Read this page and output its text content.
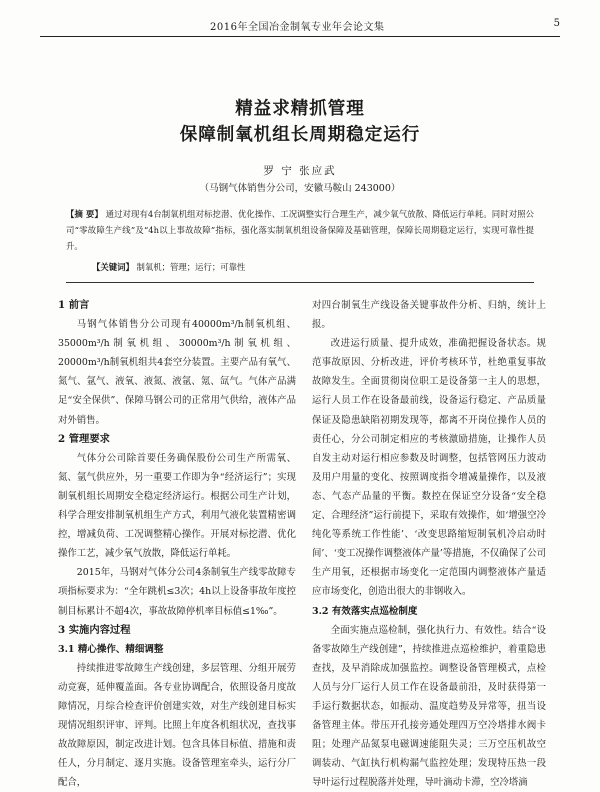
2016年全国冶金制氧专业年会论文集	5
精益求精抓管理
保障制氧机组长周期稳定运行
罗 宁 张应武
（马钢气体销售分公司，安徽马鞍山 243000）
【摘 要】 通过对现有4台制氧机组对标挖潜、优化操作、工况调整实行合理生产，减少氧气放散、降低运行单耗。同时对照公司“零故障生产线”及“4h以上事故故障”指标，强化落实制氧机组设备保障及基础管理，保障长周期稳定运行，实现可靠性提升。
【关键词】 制氧机；管理；运行；可靠性
1 前言

马钢气体销售分公司现有40000m³/h制氧机组、35000m³/h制氧机组、30000m³/h制氧机组、20000m³/h制氧机组共4套空分装置。主要产品有氧气、氮气、氩气、液氧、液氮、液氩、氪、氙气。气体产品满足“安全保供”、保障马钢公司的正常用气供给，液体产品对外销售。

2 管理要求

气体分公司除首要任务确保股份公司生产所需氧、氮、氩气供应外，另一重要工作即为争“经济运行”；实现制氧机组长周期安全稳定经济运行。根据公司生产计划，科学合理安排制氧机组生产方式，利用气液化装置精密调控，增减负荷、工况调整精心操作。开展对标挖潜、优化操作工艺，减少氧气放散，降低运行单耗。

2015年，马钢对气体分公司4条制氧生产线零故障专项指标要求为：“全年跳机≤3次；4h以上设备事故年度控制目标累计不超4次，事故故障停机率目标值≤1‰”。

3 实施内容过程
3.1 精心操作、精细调整

持续推进零故障生产线创建，多层管理、分组开展劳动竞赛，延伸覆盖面。各专业协调配合，依照设备月度故障情况，月综合检查评价创建实效，对生产线创建目标实现情况组织评审、评判。比照上年度各机组状况，查找事故故障原因，制定改进计划。包含具体目标值、措施和责任人，分月制定、逐月实施。设备管理室牵头，运行分厂配合，

对四台制氧生产线设备关键事故件分析、归纳，统计上报。

改进运行质量、提升成效，准确把握设备状态。规范事故原因、分析改进，评价考核环节，杜绝重复事故故障发生。全面贯彻岗位职工是设备第一主人的思想，运行人员工作在设备最前线，设备运行稳定、产品质量保证及隐患缺陷初期发现等，都离不开岗位操作人员的责任心，分公司制定相应的考核激励措施，让操作人员自发主动对运行相应参数及时调整，包括管网压力波动及用户用量的变化、按照调度指令增减量操作，以及液态、气态产品量的平衡。数控在保证空分设备“安全稳定、合理经济”运行前提下，采取有效操作，如‘增强空冷纯化等系统工作性能’、‘改变思路缩短制氧机冷启动时间’、‘变工况操作调整液体产量’等措施，不仅确保了公司生产用氧，还根据市场变化一定范围内调整液体产量适应市场变化，创造出很大的非钢收入。

3.2 有效落实点巡检制度

全面实施点巡检制，强化执行力、有效性。结合“设备零故障生产线创建”，持续推进点巡检维护，着重隐患查找，及早消除成加强监控。调整设备管理模式，点检人员与分厂运行人员工作在设备最前沿，及时获得第一手运行数据状态，如振动、温度趋势及异常等，扭当设备管理主体。带压开孔接旁通处理四万空冷塔排水阀卡阻；处理产品氮泵电磁调速能阻失灵；三万空压机故空调装动、气缸执行机构漏气监控处理；发现特压热一段导叶运行过程脱落并处理，导叶滴动卡滞，空冷塔滴
